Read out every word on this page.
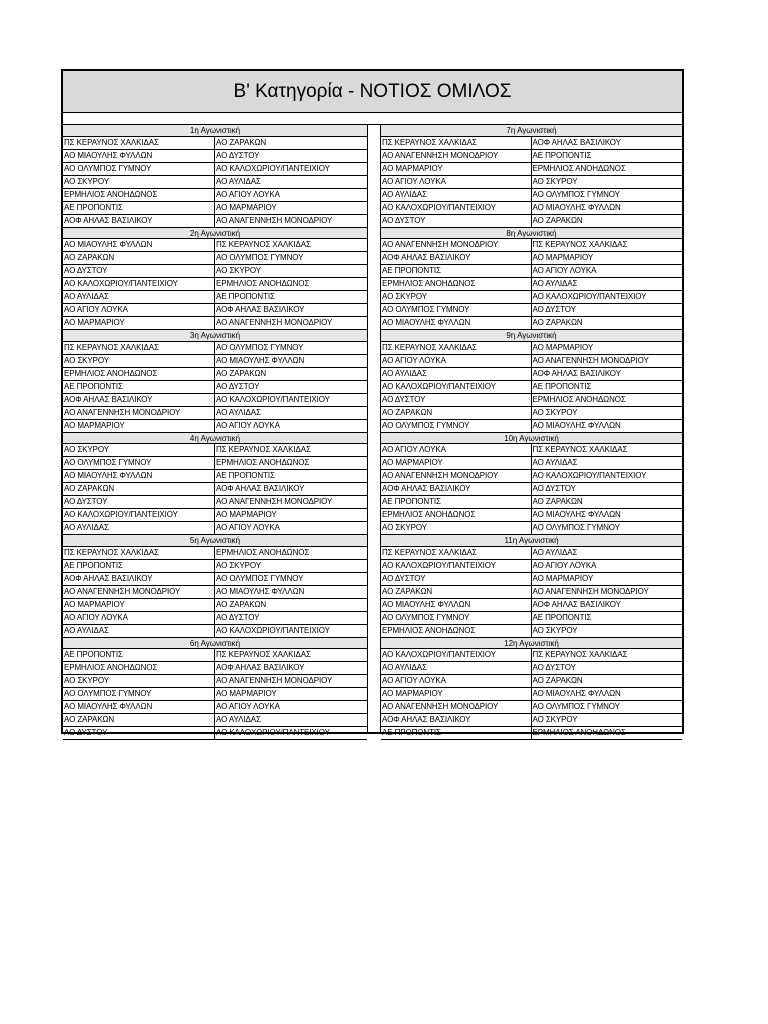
Β' Κατηγορία - ΝΟΤΙΟΣ ΟΜΙΛΟΣ
1η Αγωνιστική
ΠΣ ΚΕΡΑΥΝΟΣ ΧΑΛΚΙΔΑΣ	ΑΟ ΖΑΡΑΚΩΝ
ΑΟ ΜΙΑΟΥΛΗΣ ΦΥΛΛΩΝ	ΑΟ ΔΥΣΤΟΥ
ΑΟ ΟΛΥΜΠΟΣ ΓΥΜΝΟΥ	ΑΟ ΚΑΛΟΧΩΡΙΟΥ/ΠΑΝΤΕΙΧΙΟΥ
ΑΟ ΣΚΥΡΟΥ	ΑΟ ΑΥΛΙΔΑΣ
ΕΡΜΗΛΙΟΣ ΑΝΟΗΔΩΝΟΣ	ΑΟ ΑΓΙΟΥ ΛΟΥΚΑ
ΑΕ ΠΡΟΠΟΝΤΙΣ	ΑΟ ΜΑΡΜΑΡΙΟΥ
ΑΟΦ ΑΗΛΑΣ ΒΑΣΙΛΙΚΟΥ	ΑΟ ΑΝΑΓΕΝΝΗΣΗ ΜΟΝΟΔΡΙΟΥ
2η Αγωνιστική
ΑΟ ΜΙΑΟΥΛΗΣ ΦΥΛΛΩΝ	ΠΣ ΚΕΡΑΥΝΟΣ ΧΑΛΚΙΔΑΣ
ΑΟ ΖΑΡΑΚΩΝ	ΑΟ ΟΛΥΜΠΟΣ ΓΥΜΝΟΥ
ΑΟ ΔΥΣΤΟΥ	ΑΟ ΣΚΥΡΟΥ
ΑΟ ΚΑΛΟΧΩΡΙΟΥ/ΠΑΝΤΕΙΧΙΟΥ	ΕΡΜΗΛΙΟΣ ΑΝΟΗΔΩΝΟΣ
ΑΟ ΑΥΛΙΔΑΣ	ΑΕ ΠΡΟΠΟΝΤΙΣ
ΑΟ ΑΓΙΟΥ ΛΟΥΚΑ	ΑΟΦ ΑΗΛΑΣ ΒΑΣΙΛΙΚΟΥ
ΑΟ ΜΑΡΜΑΡΙΟΥ	ΑΟ ΑΝΑΓΕΝΝΗΣΗ ΜΟΝΟΔΡΙΟΥ
3η Αγωνιστική
ΠΣ ΚΕΡΑΥΝΟΣ ΧΑΛΚΙΔΑΣ	ΑΟ ΟΛΥΜΠΟΣ ΓΥΜΝΟΥ
ΑΟ ΣΚΥΡΟΥ	ΑΟ ΜΙΑΟΥΛΗΣ ΦΥΛΛΩΝ
ΕΡΜΗΛΙΟΣ ΑΝΟΗΔΩΝΟΣ	ΑΟ ΖΑΡΑΚΩΝ
ΑΕ ΠΡΟΠΟΝΤΙΣ	ΑΟ ΔΥΣΤΟΥ
ΑΟΦ ΑΗΛΑΣ ΒΑΣΙΛΙΚΟΥ	ΑΟ ΚΑΛΟΧΩΡΙΟΥ/ΠΑΝΤΕΙΧΙΟΥ
ΑΟ ΑΝΑΓΕΝΝΗΣΗ ΜΟΝΟΔΡΙΟΥ	ΑΟ ΑΥΛΙΔΑΣ
ΑΟ ΜΑΡΜΑΡΙΟΥ	ΑΟ ΑΓΙΟΥ ΛΟΥΚΑ
4η Αγωνιστική
ΑΟ ΣΚΥΡΟΥ	ΠΣ ΚΕΡΑΥΝΟΣ ΧΑΛΚΙΔΑΣ
ΑΟ ΟΛΥΜΠΟΣ ΓΥΜΝΟΥ	ΕΡΜΗΛΙΟΣ ΑΝΟΗΔΩΝΟΣ
ΑΟ ΜΙΑΟΥΛΗΣ ΦΥΛΛΩΝ	ΑΕ ΠΡΟΠΟΝΤΙΣ
ΑΟ ΖΑΡΑΚΩΝ	ΑΟΦ ΑΗΛΑΣ ΒΑΣΙΛΙΚΟΥ
ΑΟ ΔΥΣΤΟΥ	ΑΟ ΑΝΑΓΕΝΝΗΣΗ ΜΟΝΟΔΡΙΟΥ
ΑΟ ΚΑΛΟΧΩΡΙΟΥ/ΠΑΝΤΕΙΧΙΟΥ	ΑΟ ΜΑΡΜΑΡΙΟΥ
ΑΟ ΑΥΛΙΔΑΣ	ΑΟ ΑΓΙΟΥ ΛΟΥΚΑ
5η Αγωνιστική
ΠΣ ΚΕΡΑΥΝΟΣ ΧΑΛΚΙΔΑΣ	ΕΡΜΗΛΙΟΣ ΑΝΟΗΔΩΝΟΣ
ΑΕ ΠΡΟΠΟΝΤΙΣ	ΑΟ ΣΚΥΡΟΥ
ΑΟΦ ΑΗΛΑΣ ΒΑΣΙΛΙΚΟΥ	ΑΟ ΟΛΥΜΠΟΣ ΓΥΜΝΟΥ
ΑΟ ΑΝΑΓΕΝΝΗΣΗ ΜΟΝΟΔΡΙΟΥ	ΑΟ ΜΙΑΟΥΛΗΣ ΦΥΛΛΩΝ
ΑΟ ΜΑΡΜΑΡΙΟΥ	ΑΟ ΖΑΡΑΚΩΝ
ΑΟ ΑΓΙΟΥ ΛΟΥΚΑ	ΑΟ ΔΥΣΤΟΥ
ΑΟ ΑΥΛΙΔΑΣ	ΑΟ ΚΑΛΟΧΩΡΙΟΥ/ΠΑΝΤΕΙΧΙΟΥ
6η Αγωνιστική
ΑΕ ΠΡΟΠΟΝΤΙΣ	ΠΣ ΚΕΡΑΥΝΟΣ ΧΑΛΚΙΔΑΣ
ΕΡΜΗΛΙΟΣ ΑΝΟΗΔΩΝΟΣ	ΑΟΦ ΑΗΛΑΣ ΒΑΣΙΛΙΚΟΥ
ΑΟ ΣΚΥΡΟΥ	ΑΟ ΑΝΑΓΕΝΝΗΣΗ ΜΟΝΟΔΡΙΟΥ
ΑΟ ΟΛΥΜΠΟΣ ΓΥΜΝΟΥ	ΑΟ ΜΑΡΜΑΡΙΟΥ
ΑΟ ΜΙΑΟΥΛΗΣ ΦΥΛΛΩΝ	ΑΟ ΑΓΙΟΥ ΛΟΥΚΑ
ΑΟ ΖΑΡΑΚΩΝ	ΑΟ ΑΥΛΙΔΑΣ
ΑΟ ΔΥΣΤΟΥ	ΑΟ ΚΑΛΟΧΩΡΙΟΥ/ΠΑΝΤΕΙΧΙΟΥ
7η Αγωνιστική
ΠΣ ΚΕΡΑΥΝΟΣ ΧΑΛΚΙΔΑΣ	ΑΟΦ ΑΗΛΑΣ ΒΑΣΙΛΙΚΟΥ
ΑΟ ΑΝΑΓΕΝΝΗΣΗ ΜΟΝΟΔΡΙΟΥ	ΑΕ ΠΡΟΠΟΝΤΙΣ
ΑΟ ΜΑΡΜΑΡΙΟΥ	ΕΡΜΗΛΙΟΣ ΑΝΟΗΔΩΝΟΣ
ΑΟ ΑΓΙΟΥ ΛΟΥΚΑ	ΑΟ ΣΚΥΡΟΥ
ΑΟ ΑΥΛΙΔΑΣ	ΑΟ ΟΛΥΜΠΟΣ ΓΥΜΝΟΥ
ΑΟ ΚΑΛΟΧΩΡΙΟΥ/ΠΑΝΤΕΙΧΙΟΥ	ΑΟ ΜΙΑΟΥΛΗΣ ΦΥΛΛΩΝ
ΑΟ ΔΥΣΤΟΥ	ΑΟ ΖΑΡΑΚΩΝ
8η Αγωνιστική
ΑΟ ΑΝΑΓΕΝΝΗΣΗ ΜΟΝΟΔΡΙΟΥ	ΠΣ ΚΕΡΑΥΝΟΣ ΧΑΛΚΙΔΑΣ
ΑΟΦ ΑΗΛΑΣ ΒΑΣΙΛΙΚΟΥ	ΑΟ ΜΑΡΜΑΡΙΟΥ
ΑΕ ΠΡΟΠΟΝΤΙΣ	ΑΟ ΑΓΙΟΥ ΛΟΥΚΑ
ΕΡΜΗΛΙΟΣ ΑΝΟΗΔΩΝΟΣ	ΑΟ ΑΥΛΙΔΑΣ
ΑΟ ΣΚΥΡΟΥ	ΑΟ ΚΑΛΟΧΩΡΙΟΥ/ΠΑΝΤΕΙΧΙΟΥ
ΑΟ ΟΛΥΜΠΟΣ ΓΥΜΝΟΥ	ΑΟ ΔΥΣΤΟΥ
ΑΟ ΜΙΑΟΥΛΗΣ ΦΥΛΛΩΝ	ΑΟ ΖΑΡΑΚΩΝ
9η Αγωνιστική
ΠΣ ΚΕΡΑΥΝΟΣ ΧΑΛΚΙΔΑΣ	ΑΟ ΜΑΡΜΑΡΙΟΥ
ΑΟ ΑΓΙΟΥ ΛΟΥΚΑ	ΑΟ ΑΝΑΓΕΝΝΗΣΗ ΜΟΝΟΔΡΙΟΥ
ΑΟ ΑΥΛΙΔΑΣ	ΑΟΦ ΑΗΛΑΣ ΒΑΣΙΛΙΚΟΥ
ΑΟ ΚΑΛΟΧΩΡΙΟΥ/ΠΑΝΤΕΙΧΙΟΥ	ΑΕ ΠΡΟΠΟΝΤΙΣ
ΑΟ ΔΥΣΤΟΥ	ΕΡΜΗΛΙΟΣ ΑΝΟΗΔΩΝΟΣ
ΑΟ ΖΑΡΑΚΩΝ	ΑΟ ΣΚΥΡΟΥ
ΑΟ ΟΛΥΜΠΟΣ ΓΥΜΝΟΥ	ΑΟ ΜΙΑΟΥΛΗΣ ΦΥΛΛΩΝ
10η Αγωνιστική
ΑΟ ΑΓΙΟΥ ΛΟΥΚΑ	ΠΣ ΚΕΡΑΥΝΟΣ ΧΑΛΚΙΔΑΣ
ΑΟ ΜΑΡΜΑΡΙΟΥ	ΑΟ ΑΥΛΙΔΑΣ
ΑΟ ΑΝΑΓΕΝΝΗΣΗ ΜΟΝΟΔΡΙΟΥ	ΑΟ ΚΑΛΟΧΩΡΙΟΥ/ΠΑΝΤΕΙΧΙΟΥ
ΑΟΦ ΑΗΛΑΣ ΒΑΣΙΛΙΚΟΥ	ΑΟ ΔΥΣΤΟΥ
ΑΕ ΠΡΟΠΟΝΤΙΣ	ΑΟ ΖΑΡΑΚΩΝ
ΕΡΜΗΛΙΟΣ ΑΝΟΗΔΩΝΟΣ	ΑΟ ΜΙΑΟΥΛΗΣ ΦΥΛΛΩΝ
ΑΟ ΣΚΥΡΟΥ	ΑΟ ΟΛΥΜΠΟΣ ΓΥΜΝΟΥ
11η Αγωνιστική
ΠΣ ΚΕΡΑΥΝΟΣ ΧΑΛΚΙΔΑΣ	ΑΟ ΑΥΛΙΔΑΣ
ΑΟ ΚΑΛΟΧΩΡΙΟΥ/ΠΑΝΤΕΙΧΙΟΥ	ΑΟ ΑΓΙΟΥ ΛΟΥΚΑ
ΑΟ ΔΥΣΤΟΥ	ΑΟ ΜΑΡΜΑΡΙΟΥ
ΑΟ ΖΑΡΑΚΩΝ	ΑΟ ΑΝΑΓΕΝΝΗΣΗ ΜΟΝΟΔΡΙΟΥ
ΑΟ ΜΙΑΟΥΛΗΣ ΦΥΛΛΩΝ	ΑΟΦ ΑΗΛΑΣ ΒΑΣΙΛΙΚΟΥ
ΑΟ ΟΛΥΜΠΟΣ ΓΥΜΝΟΥ	ΑΕ ΠΡΟΠΟΝΤΙΣ
ΕΡΜΗΛΙΟΣ ΑΝΟΗΔΩΝΟΣ	ΑΟ ΣΚΥΡΟΥ
12η Αγωνιστική
ΑΟ ΚΑΛΟΧΩΡΙΟΥ/ΠΑΝΤΕΙΧΙΟΥ	ΠΣ ΚΕΡΑΥΝΟΣ ΧΑΛΚΙΔΑΣ
ΑΟ ΑΥΛΙΔΑΣ	ΑΟ ΔΥΣΤΟΥ
ΑΟ ΑΓΙΟΥ ΛΟΥΚΑ	ΑΟ ΖΑΡΑΚΩΝ
ΑΟ ΜΑΡΜΑΡΙΟΥ	ΑΟ ΜΙΑΟΥΛΗΣ ΦΥΛΛΩΝ
ΑΟ ΑΝΑΓΕΝΝΗΣΗ ΜΟΝΟΔΡΙΟΥ	ΑΟ ΟΛΥΜΠΟΣ ΓΥΜΝΟΥ
ΑΟΦ ΑΗΛΑΣ ΒΑΣΙΛΙΚΟΥ	ΑΟ ΣΚΥΡΟΥ
ΑΕ ΠΡΟΠΟΝΤΙΣ	ΕΡΜΗΛΙΟΣ ΑΝΟΗΔΩΝΟΣ
